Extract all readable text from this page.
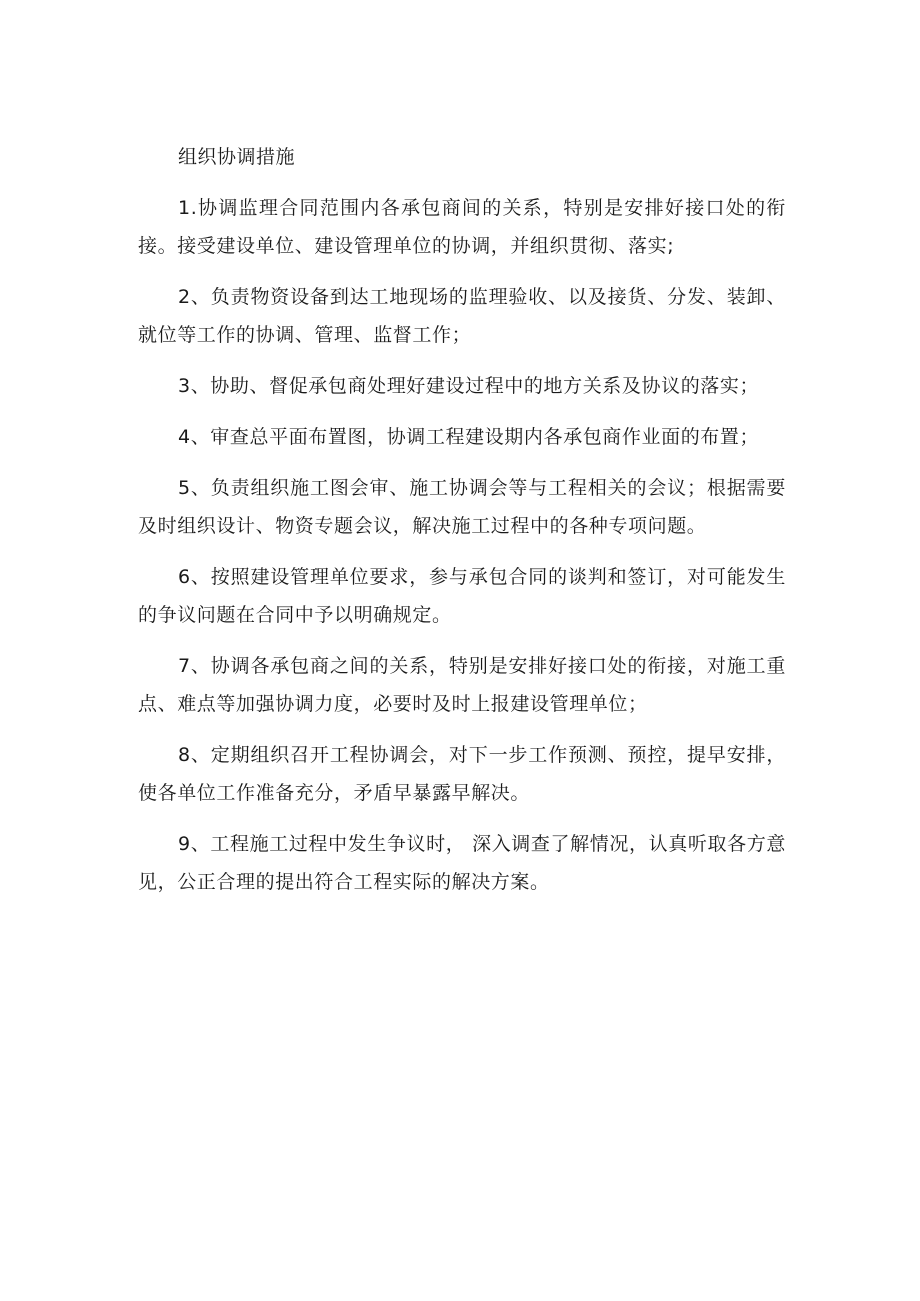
组织协调措施

1.协调监理合同范围内各承包商间的关系，特别是安排好接口处的衔接。接受建设单位、建设管理单位的协调，并组织贯彻、落实;

2、负责物资设备到达工地现场的监理验收、以及接货、分发、装卸、就位等工作的协调、管理、监督工作；

3、协助、督促承包商处理好建设过程中的地方关系及协议的落实；

4、审查总平面布置图，协调工程建设期内各承包商作业面的布置；

5、负责组织施工图会审、施工协调会等与工程相关的会议；根据需要及时组织设计、物资专题会议，解决施工过程中的各种专项问题。

6、按照建设管理单位要求，参与承包合同的谈判和签订，对可能发生的争议问题在合同中予以明确规定。

7、协调各承包商之间的关系，特别是安排好接口处的衔接，对施工重点、难点等加强协调力度，必要时及时上报建设管理单位；

8、定期组织召开工程协调会，对下一步工作预测、预控，提早安排，使各单位工作准备充分，矛盾早暴露早解决。

9、工程施工过程中发生争议时， 深入调查了解情况，认真听取各方意见，公正合理的提出符合工程实际的解决方案。
